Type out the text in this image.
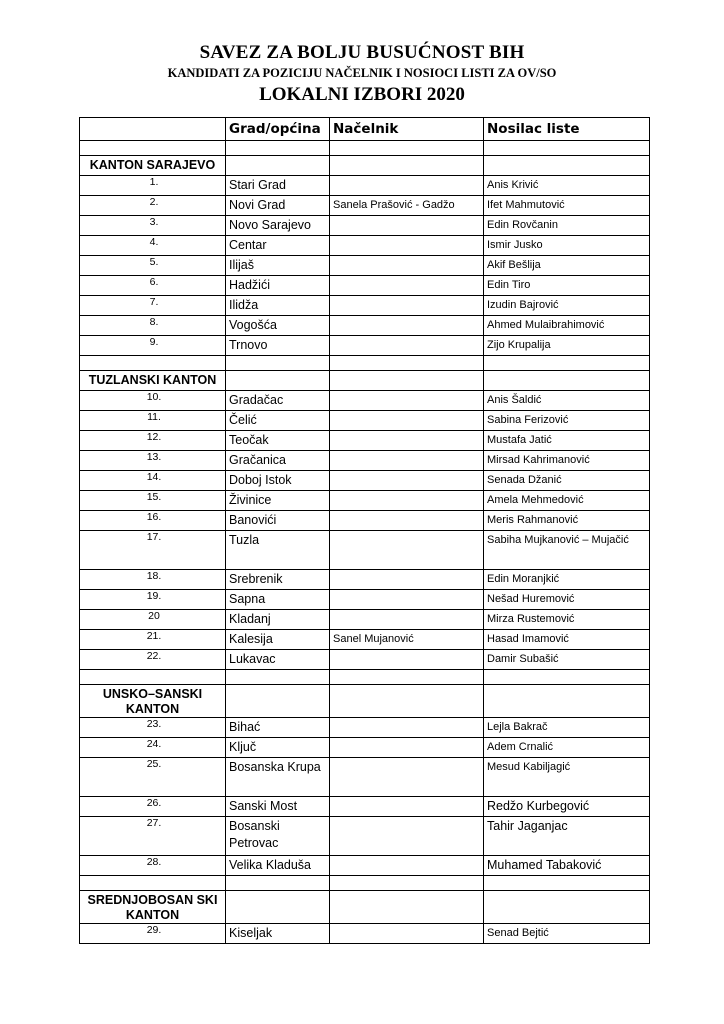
SAVEZ ZA BOLJU BUSUĆNOST BIH
KANDIDATI ZA POZICIJU NAČELNIK I NOSIOCI LISTI ZA OV/SO
LOKALNI IZBORI 2020
	Grad/općina	Načelnik	Nosilac liste

KANTON SARAJEVO			
1.	Stari Grad		Anis Krivić
2.	Novi Grad	Sanela Prašović - Gadžo	Ifet Mahmutović
3.	Novo Sarajevo		Edin Rovčanin
4.	Centar		Ismir Jusko
5.	Ilijaš		Akif Bešlija
6.	Hadžići		Edin Tiro
7.	Ilidža		Izudin Bajrović
8.	Vogošća		Ahmed Mulaibrahimović
9.	Trnovo		Zijo Krupalija

TUZLANSKI KANTON			
10.	Gradačac		Anis Šaldić
11.	Čelić		Sabina Ferizović
12.	Teočak		Mustafa Jatić
13.	Gračanica		Mirsad Kahrimanović
14.	Doboj Istok		Senada Džanić
15.	Živinice		Amela Mehmedović
16.	Banovići		Meris Rahmanović
17.	Tuzla		Sabiha Mujkanović – Mujačić
18.	Srebrenik		Edin Moranjkić
19.	Sapna		Nešad Huremović
20	Kladanj		Mirza Rustemović
21.	Kalesija	Sanel Mujanović	Hasad Imamović
22.	Lukavac		Damir Subašić

UNSKO–SANSKI KANTON			
23.	Bihać		Lejla Bakrač
24.	Ključ		Adem Crnalić
25.	Bosanska Krupa		Mesud Kabiljagić
26.	Sanski Most		Redžo Kurbegović
27.	Bosanski Petrovac		Tahir Jaganjac
28.	Velika Kladuša		Muhamed Tabaković

SREDNJOBOSAN SKI KANTON			
29.	Kiseljak		Senad Bejtić
